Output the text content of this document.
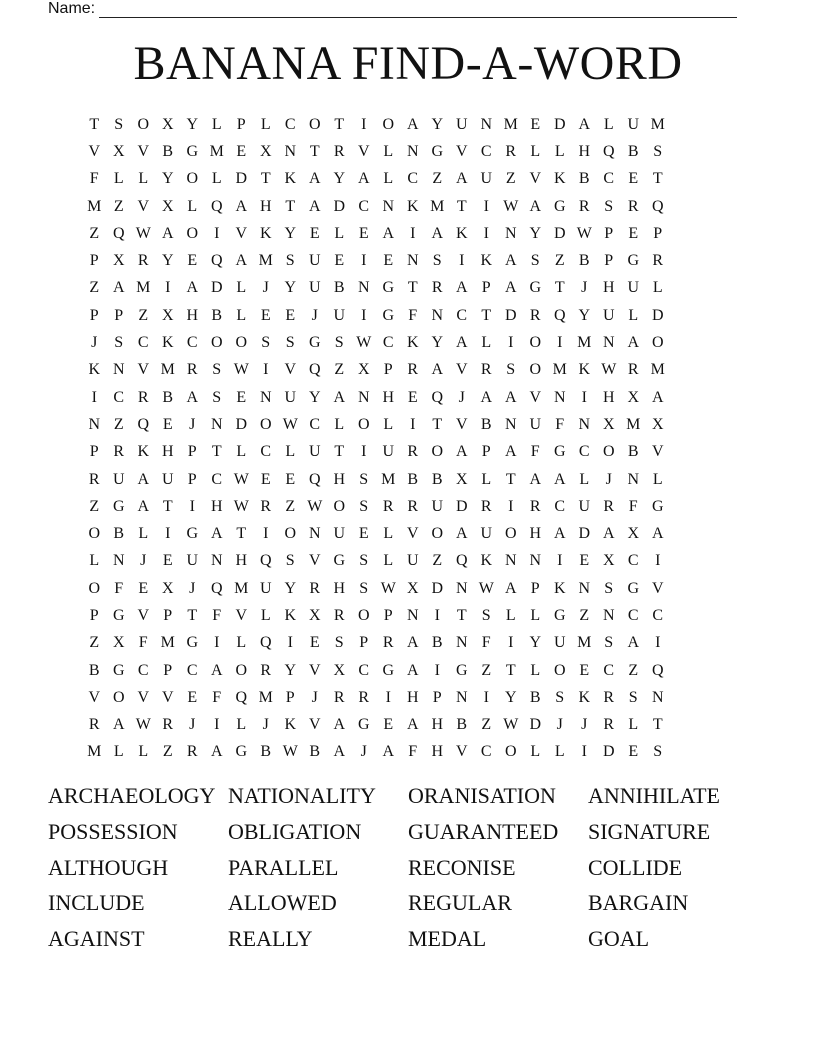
Name:
BANANA FIND-A-WORD
T S O X Y L P L C O T	I	O A Y U N M E D A L U M
V X V B G M E X N T R V L N G V C R L L H Q B S
F L L Y O L D T K A Y A L C Z A U Z V K B C E T
M Z V X L Q A H T A D C N K M T	I W A G R S R Q
Z Q W A O	I	V K Y E L E A	I	A K	I	N Y D W P E P
P X R Y E Q A M S U E	I	E N S	I	K A S Z B P G R
Z A M I	A D L	J Y U B N G T R A P A G T	J H U L
P P Z X H B L E E	J U	I	G F N C T D R Q Y U L D
J	S C K C O O S S G S W C K Y A L	I	O	I M N A O
K N V M R S W I	V Q Z X P R A V R S O M K W R M
I	C R B A S E N U Y A N H E Q J A A V N	I	H X A
N Z Q E	J N D O W C L O L	I	T V B N U F N X M X
P R K H P T L C L U T	I	U R O A P A F G C O B V
R U A U P C W E E Q H S M B B X L T A A L	J N L
Z G A T	I	H W R Z W O S R R U D R	I	R C U R F G
O B L	I	G A T	I	O N U E L V O A U O H A D A X A
L N J	E U N H Q S V G S L U Z Q K N N	I	E X C	I
O F E X J Q M U Y R H S W X D N W A P K N S G V
P G V P T F V L K X R O P N	I	T S L L G Z N C C
Z X F M G	I	L Q	I	E S P R A B N F	I	Y U M S A	I
B G C P C A O R Y V X C G A	I	G Z T L O E C Z Q
V O V V E F Q M P	J	R R	I	H P N	I	Y B S K R S N
R A W R	J	I	L	J K V A G E A H B Z W D J	J	R L T
M L L Z R A G B W B A J A F H V C O L L	I	D E S
ARCHAEOLOGY NATIONALITY	ORANISATION	ANNIHILATE
POSSESSION	OBLIGATION	GUARANTEED	SIGNATURE
ALTHOUGH	PARALLEL	RECONISE	COLLIDE
INCLUDE	ALLOWED	REGULAR	BARGAIN
AGAINST	REALLY	MEDAL	GOAL
